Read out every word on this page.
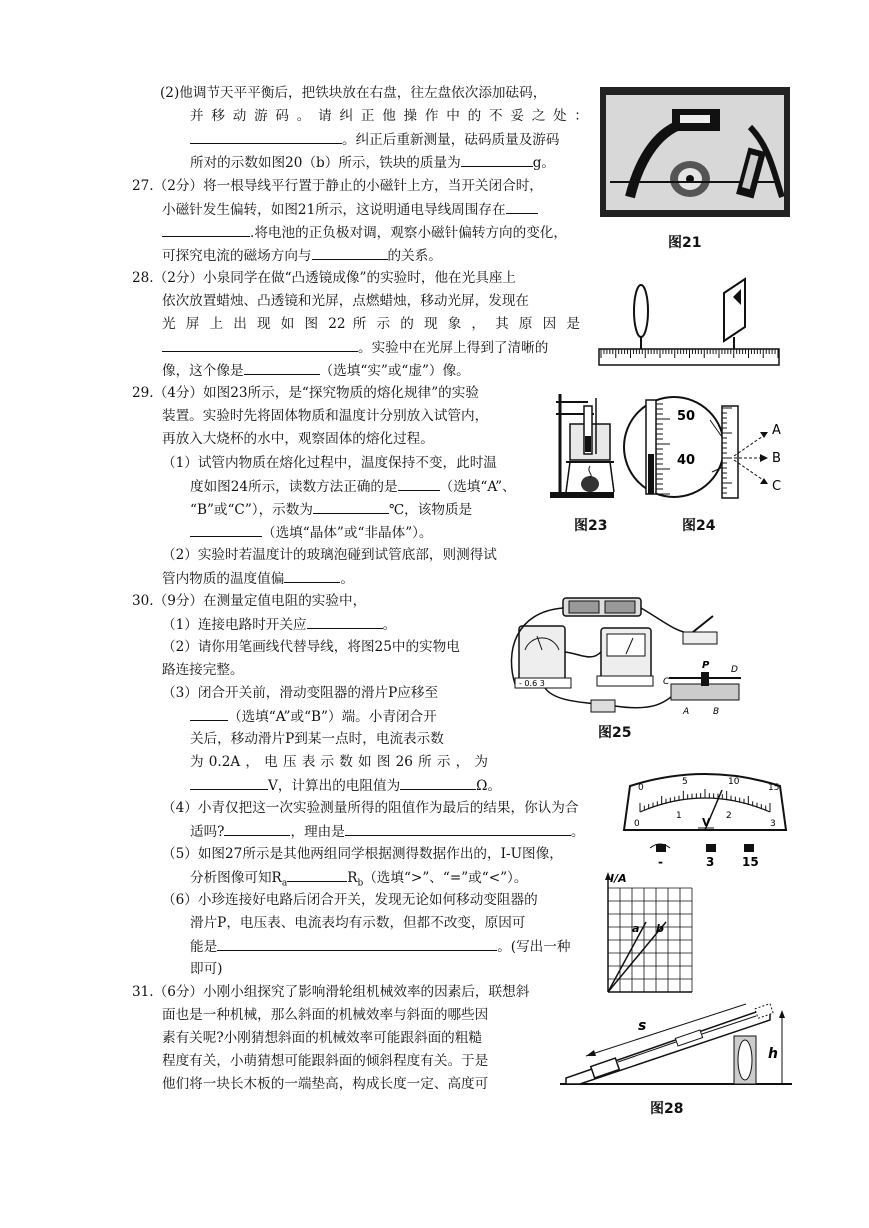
(2)他调节天平平衡后，把铁块放在右盘，往左盘依次添加砝码，
并 移 动 游 码 。 请 纠 正 他 操 作 中 的 不 妥 之 处 ：
。纠正后重新测量，砝码质量及游码
所对的示数如图20（b）所示，铁块的质量为	g。
27.（2分）将一根导线平行置于静止的小磁针上方，当开关闭合时，
小磁针发生偏转，如图21所示，这说明通电导线周围存在
.将电池的正负极对调，观察小磁针偏转方向的变化，
可探究电流的磁场方向与	的关系。
28.（2分）小泉同学在做“凸透镜成像”的实验时，他在光具座上
依次放置蜡烛、凸透镜和光屏，点燃蜡烛，移动光屏，发现在
光 屏 上 出 现 如 图 22 所 示 的 现 象 ， 其 原 因 是
。实验中在光屏上得到了清晰的
像，这个像是	（选填“实”或“虚”）像。
29.（4分）如图23所示，是“探究物质的熔化规律”的实验
装置。实验时先将固体物质和温度计分别放入试管内，
再放入大烧杯的水中，观察固体的熔化过程。
（1）试管内物质在熔化过程中，温度保持不变，此时温
度如图24所示，读数方法正确的是	（选填“A”、
“B”或“C”），示数为	℃，该物质是
（选填“晶体”或“非晶体”）。
（2）实验时若温度计的玻璃泡碰到试管底部，则测得试
管内物质的温度值偏	。
30.（9分）在测量定值电阻的实验中，
（1）连接电路时开关应	。
（2）请你用笔画线代替导线，将图25中的实物电
路连接完整。
（3）闭合开关前，滑动变阻器的滑片P应移至
（选填“A”或“B”）端。小青闭合开
关后，移动滑片P到某一点时，电流表示数
为0.2A，电压表示数如图26所示，为
V，计算出的电阻值为	Ω。
（4）小青仅把这一次实验测量所得的阻值作为最后的结果，你认为合
适吗?	，理由是	。
（5）如图27所示是其他两组同学根据测得数据作出的，I-U图像，
分析图像可知$R_a$	$R_b$（选填“>”、“=”或“<”）。
（6）小珍连接好电路后闭合开关，发现无论如何移动变阻器的
滑片P，电压表、电流表均有示数，但都不改变，原因可
能是	。(写出一种
即可)
31.（6分）小刚小组探究了影响滑轮组机械效率的因素后，联想斜
面也是一种机械，那么斜面的机械效率与斜面的哪些因
素有关呢?小刚猜想斜面的机械效率可能跟斜面的粗糙
程度有关，小萌猜想可能跟斜面的倾斜程度有关。于是
他们将一块长木板的一端垫高，构成长度一定、高度可
图21
50
40
A
B
C
图23	图24
- 0.6 3
P
C
D
A	B
图25
0
5	10
15
0
1	2
3
V
-	3 15
I/A
a b
s
h
图28
